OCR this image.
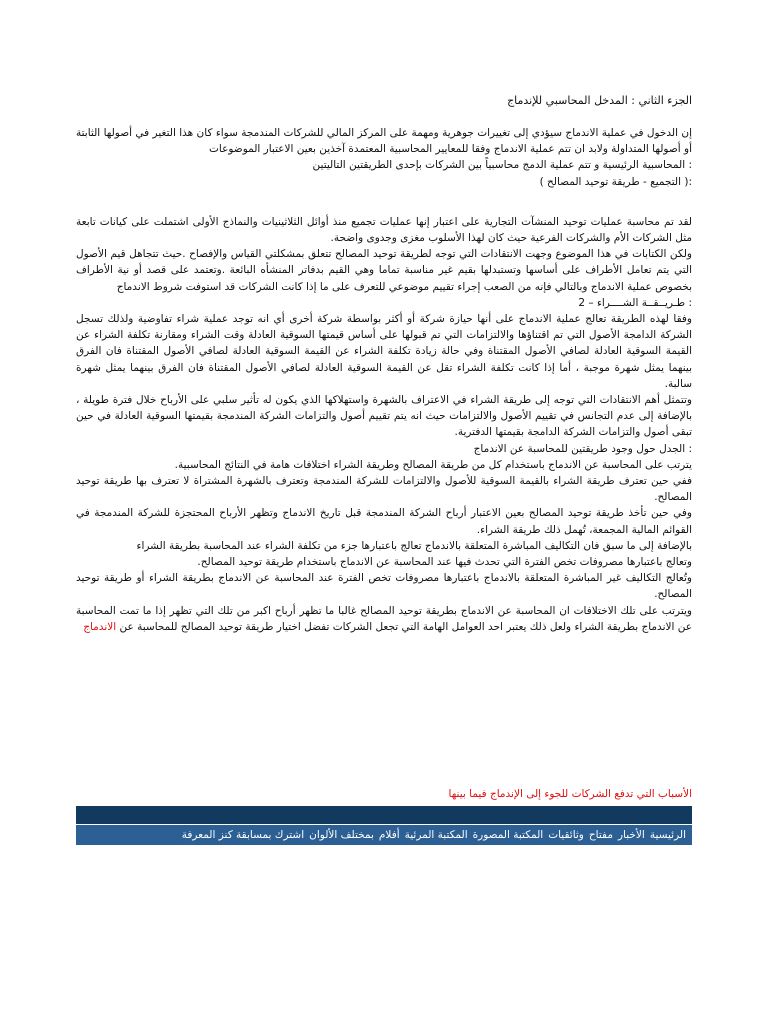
الجزء الثاني : المدخل المحاسبي للإندماج

إن الدخول في عملية الاندماج سيؤدي إلى تغييرات جوهرية ومهمة على المركز المالي للشركات المندمجة سواء كان هذا التغير في أصولها الثابتة أو أصولها المتداولة ولابد ان تتم عملية الاندماج وفقا للمعايير المحاسبية المعتمدة آخذين بعين الاعتبار الموضوعات

: المحاسبية الرئيسية و تتم عملية الدمج محاسبياً بين الشركات بإحدى الطريقتين التاليتين

:( التجميع - طريقة توحيد المصالح )

لقد تم محاسبة عمليات توحيد المنشآت التجارية على اعتبار إنها عمليات تجميع منذ أوائل الثلاثينيات والنماذج الأولى اشتملت على كيانات تابعة مثل الشركات الأم والشركات الفرعية حيث كان لهذا الأسلوب مغزى وجدوى واضحة.

ولكن الكتابات في هذا الموضوع وجهت الانتقادات التي توجه لطريقة توحيد المصالح تتعلق بمشكلتي القياس والإفصاح .حيث تتجاهل قيم الأصول التي يتم تعامل الأطراف على أساسها وتستبدلها بقيم غير مناسبة تماما وهي القيم بدفاتر المنشأه البائعة .وتعتمد على قصد أو نية الأطراف بخصوص عملية الاندماج وبالتالي فإنه من الصعب إجراء تقييم موضوعي للتعرف على ما إذا كانت الشركات قد استوفت شروط الاندماج

: طـريــقــة الشــــراء – 2

وفقا لهذه الطريقة تعالج عملية الاندماج على أنها حيازة شركة أو أكثر بواسطة شركة أخرى أي انه توجد عملية شراء تفاوضية ولذلك تسجل الشركة الدامجة الأصول التي تم اقتناؤها والالتزامات التي تم قبولها على أساس قيمتها السوقية العادلة وقت الشراء ومقارنة تكلفة الشراء عن القيمة السوقية العادلة لصافي الأصول المقتناة وفي حالة زيادة تكلفة الشراء عن القيمة السوقية العادلة لصافي الأصول المقتناة فان الفرق بينهما يمثل شهرة موجبة ، أما إذا كانت تكلفة الشراء تقل عن القيمة السوقية العادلة لصافي الأصول المقتناة فان الفرق بينهما يمثل شهرة سالبة.

وتتمثل أهم الانتقادات التي توجه إلى طريقة الشراء في الاعتراف بالشهرة واستهلاكها الذي يكون له تأثير سلبي على الأرباح خلال فترة طويلة ، بالإضافة إلى عدم التجانس في تقييم الأصول والالتزامات حيث انه يتم تقييم أصول والتزامات الشركة المندمجة بقيمتها السوقية العادلة في حين تبقى أصول والتزامات الشركة الدامجة بقيمتها الدفترية.

: الجدل حول وجود طريقتين للمحاسبة عن الاندماج

يترتب على المحاسبة عن الاندماج باستخدام كل من طريقة المصالح وطريقة الشراء اختلافات هامة في النتائج المحاسبية.

ففي حين تعترف طريقة الشراء بالقيمة السوقية للأصول والالتزامات للشركة المندمجة وتعترف بالشهرة المشتراة لا تعترف بها طريقة توحيد المصالح.

وفي حين تأخذ طريقة توحيد المصالح بعين الاعتبار أرباح الشركة المندمجة قبل تاريخ الاندماج وتظهر الأرباح المحتجزة للشركة المندمجة في القوائم المالية المجمعة، تُهمل ذلك طريقة الشراء.

بالإضافة إلى ما سبق فان التكاليف المباشرة المتعلقة بالاندماج تعالج باعتبارها جزء من تكلفة الشراء عند المحاسبة بطريقة الشراء

وتعالج باعتبارها مصروفات تخص الفترة التي تحدث فيها عند المحاسبة عن الاندماج باستخدام طريقة توحيد المصالح.

وتُعالج التكاليف غير المباشرة المتعلقة بالاندماج باعتبارها مصروفات تخص الفترة عند المحاسبة عن الاندماج بطريقة الشراء أو طريقة توحيد المصالح.

ويترتب على تلك الاختلافات ان المحاسبة عن الاندماج بطريقة توحيد المصالح غالبا ما تظهر أرباح اكبر من تلك التي تظهر إذا ما تمت المحاسبة عن الاندماج بطريقة الشراء ولعل ذلك يعتبر احد العوامل الهامة التي تجعل الشركات تفضل اختيار طريقة توحيد المصالح للمحاسبة عن الاندماج

الأسباب التي تدفع الشركات للجوء إلى الإندماج فيما بينها

الرئيسية
الأخبار
مفتاح
وثائقيات
المكتبة المصورة
المكتبة المرئية
أفلام
بمختلف الألوان
اشترك بمسابقة كنز المعرفة
